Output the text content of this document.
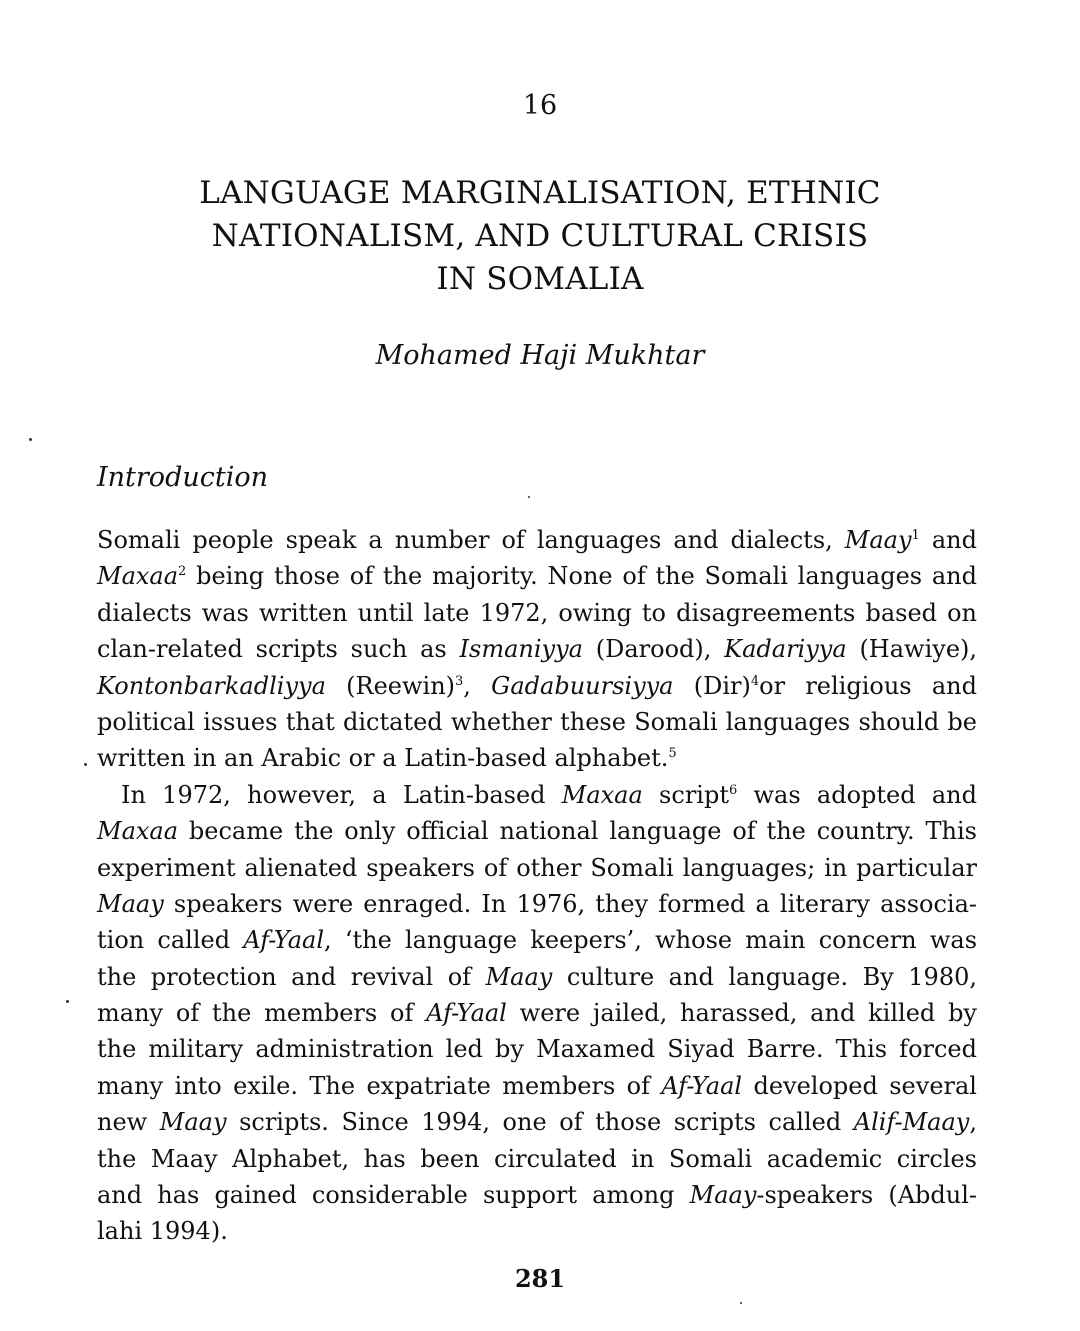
16
LANGUAGE MARGINALISATION, ETHNIC
NATIONALISM, AND CULTURAL CRISIS
IN SOMALIA
Mohamed Haji Mukhtar
Introduction
Somali people speak a number of languages and dialects, Maay$^1$ and
Maxaa$^2$ being those of the majority. None of the Somali languages and
dialects was written until late 1972, owing to disagreements based on
clan-related scripts such as Ismaniyya (Darood), Kadariyya (Hawiye),
Kontonbarkadliyya (Reewin)$^3$, Gadabuursiyya (Dir)$^4$or religious and
political issues that dictated whether these Somali languages should be
written in an Arabic or a Latin-based alphabet.$^5$
In 1972, however, a Latin-based Maxaa script$^6$ was adopted and
Maxaa became the only official national language of the country. This
experiment alienated speakers of other Somali languages; in particular
Maay speakers were enraged. In 1976, they formed a literary associa-
tion called Af-Yaal, ‘the language keepers’, whose main concern was
the protection and revival of Maay culture and language. By 1980,
many of the members of Af-Yaal were jailed, harassed, and killed by
the military administration led by Maxamed Siyad Barre. This forced
many into exile. The expatriate members of Af-Yaal developed several
new Maay scripts. Since 1994, one of those scripts called Alif-Maay,
the Maay Alphabet, has been circulated in Somali academic circles
and has gained considerable support among Maay-speakers (Abdul-
lahi 1994).
281
